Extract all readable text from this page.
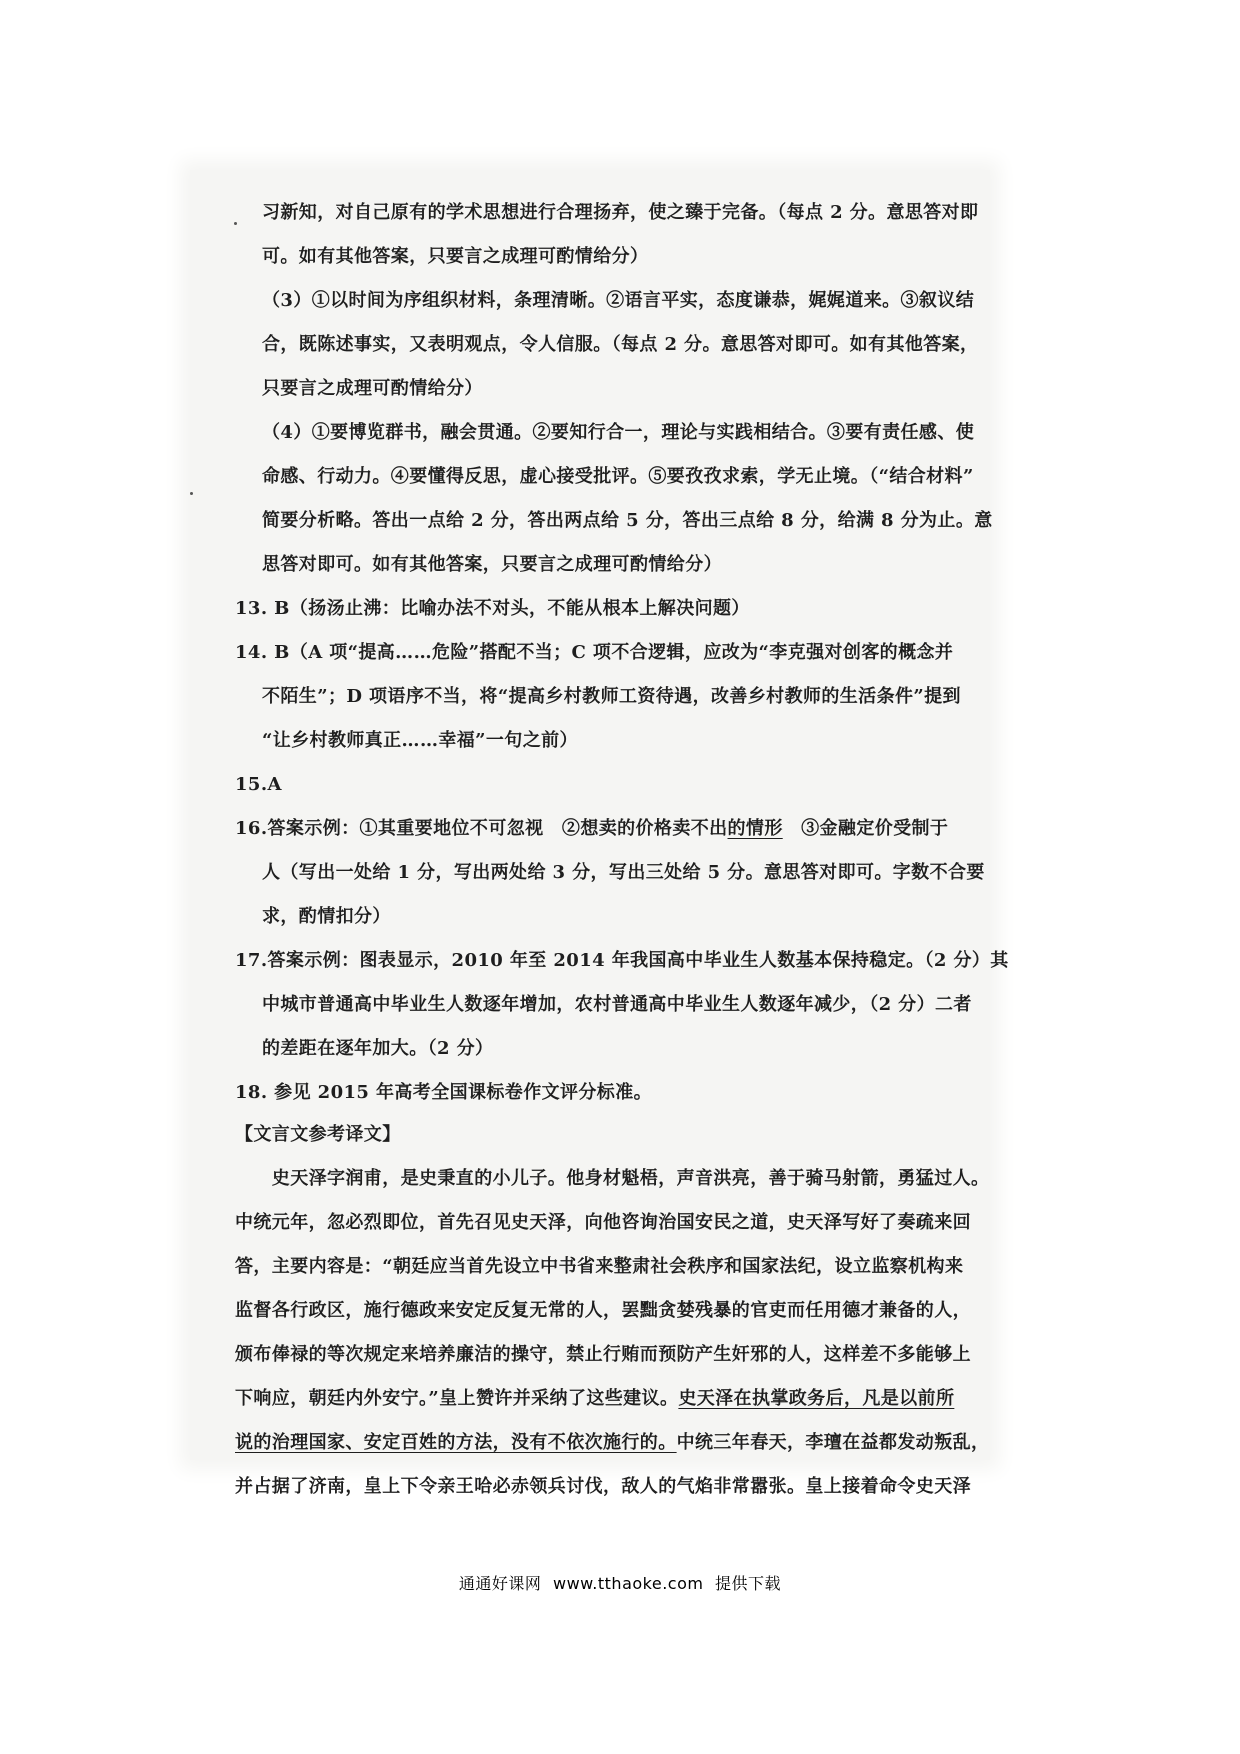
习新知，对自己原有的学术思想进行合理扬弃，使之臻于完备。（每点 2 分。意思答对即
可。如有其他答案，只要言之成理可酌情给分）
（3）①以时间为序组织材料，条理清晰。②语言平实，态度谦恭，娓娓道来。③叙议结
合，既陈述事实，又表明观点，令人信服。（每点 2 分。意思答对即可。如有其他答案，
只要言之成理可酌情给分）
（4）①要博览群书，融会贯通。②要知行合一，理论与实践相结合。③要有责任感、使
命感、行动力。④要懂得反思，虚心接受批评。⑤要孜孜求索，学无止境。（“结合材料”
简要分析略。答出一点给 2 分，答出两点给 5 分，答出三点给 8 分，给满 8 分为止。意
思答对即可。如有其他答案，只要言之成理可酌情给分）
13. B（扬汤止沸：比喻办法不对头，不能从根本上解决问题）
14. B（A 项“提高……危险”搭配不当；C 项不合逻辑，应改为“李克强对创客的概念并
不陌生”；D 项语序不当，将“提高乡村教师工资待遇，改善乡村教师的生活条件”提到
“让乡村教师真正……幸福”一句之前）
15.A
16.答案示例：①其重要地位不可忽视　②想卖的价格卖不出的情形　③金融定价受制于
人（写出一处给 1 分，写出两处给 3 分，写出三处给 5 分。意思答对即可。字数不合要
求，酌情扣分）
17.答案示例：图表显示，2010 年至 2014 年我国高中毕业生人数基本保持稳定。（2 分）其
中城市普通高中毕业生人数逐年增加，农村普通高中毕业生人数逐年减少，（2 分）二者
的差距在逐年加大。（2 分）
18. 参见 2015 年高考全国课标卷作文评分标准。
【文言文参考译文】
　　史天泽字润甫，是史秉直的小儿子。他身材魁梧，声音洪亮，善于骑马射箭，勇猛过人。
中统元年，忽必烈即位，首先召见史天泽，向他咨询治国安民之道，史天泽写好了奏疏来回
答，主要内容是：“朝廷应当首先设立中书省来整肃社会秩序和国家法纪，设立监察机构来
监督各行政区，施行德政来安定反复无常的人，罢黜贪婪残暴的官吏而任用德才兼备的人，
颁布俸禄的等次规定来培养廉洁的操守，禁止行贿而预防产生奸邪的人，这样差不多能够上
下响应，朝廷内外安宁。”皇上赞许并采纳了这些建议。史天泽在执掌政务后，凡是以前所
说的治理国家、安定百姓的方法，没有不依次施行的。中统三年春天，李璮在益都发动叛乱，
并占据了济南，皇上下令亲王哈必赤领兵讨伐，敌人的气焰非常嚣张。皇上接着命令史天泽
通通好课网 www.tthaoke.com 提供下载
